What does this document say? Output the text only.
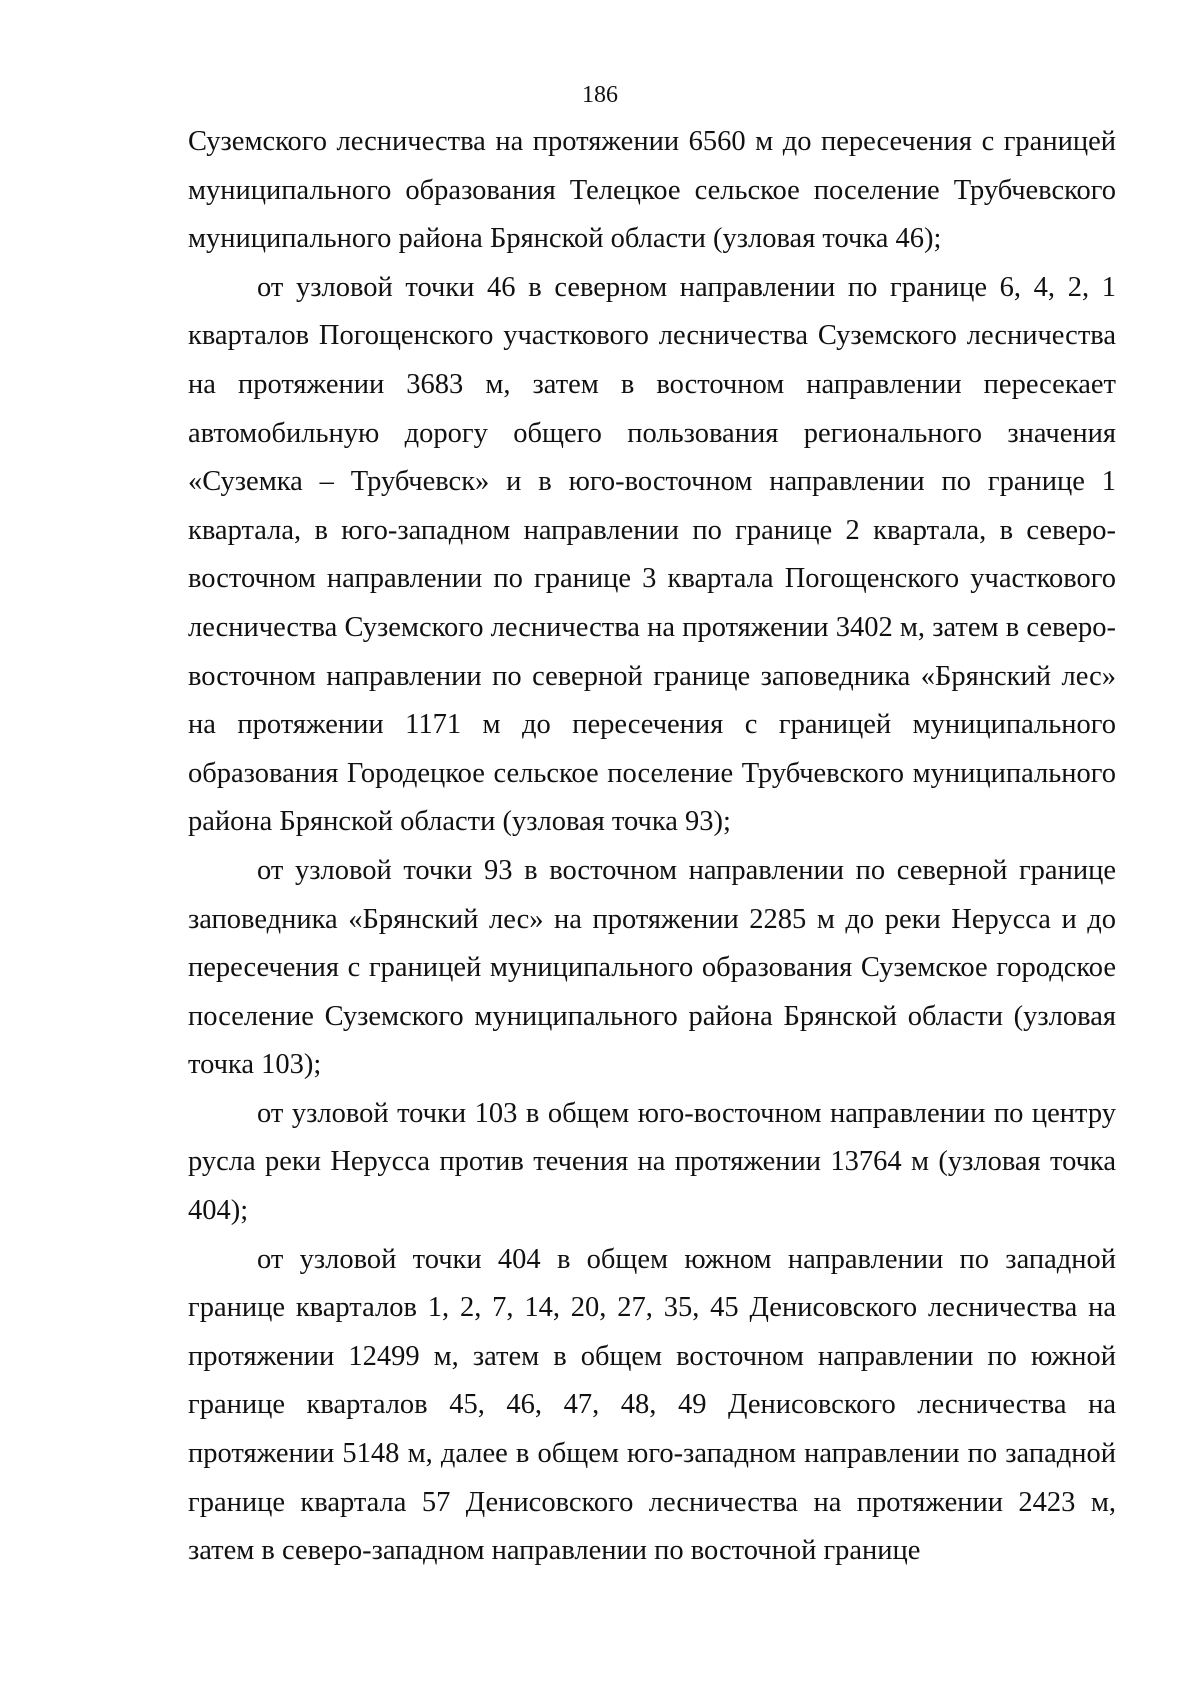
186

Суземского лесничества на протяжении 6560 м до пересечения с границей муниципального образования Телецкое сельское поселение Трубчевского муниципального района Брянской области (узловая точка 46);

от узловой точки 46 в северном направлении по границе 6, 4, 2, 1 кварталов Погощенского участкового лесничества Суземского лесничества на протяжении 3683 м, затем в восточном направлении пересекает автомобильную дорогу общего пользования регионального значения «Суземка – Трубчевск» и в юго-восточном направлении по границе 1 квартала, в юго-западном направлении по границе 2 квартала, в северо-восточном направлении по границе 3 квартала Погощенского участкового лесничества Суземского лесничества на протяжении 3402 м, затем в северо-восточном направлении по северной границе заповедника «Брянский лес» на протяжении 1171 м до пересечения с границей муниципального образования Городецкое сельское поселение Трубчевского муниципального района Брянской области (узловая точка 93);

от узловой точки 93 в восточном направлении по северной границе заповедника «Брянский лес» на протяжении 2285 м до реки Нерусса и до пересечения с границей муниципального образования Суземское городское поселение Суземского муниципального района Брянской области (узловая точка 103);

от узловой точки 103 в общем юго-восточном направлении по центру русла реки Нерусса против течения на протяжении 13764 м (узловая точка 404);

от узловой точки 404 в общем южном направлении по западной границе кварталов 1, 2, 7, 14, 20, 27, 35, 45 Денисовского лесничества на протяжении 12499 м, затем в общем восточном направлении по южной границе кварталов 45, 46, 47, 48, 49 Денисовского лесничества на протяжении 5148 м, далее в общем юго-западном направлении по западной границе квартала 57 Денисовского лесничества на протяжении 2423 м, затем в северо-западном направлении по восточной границе
